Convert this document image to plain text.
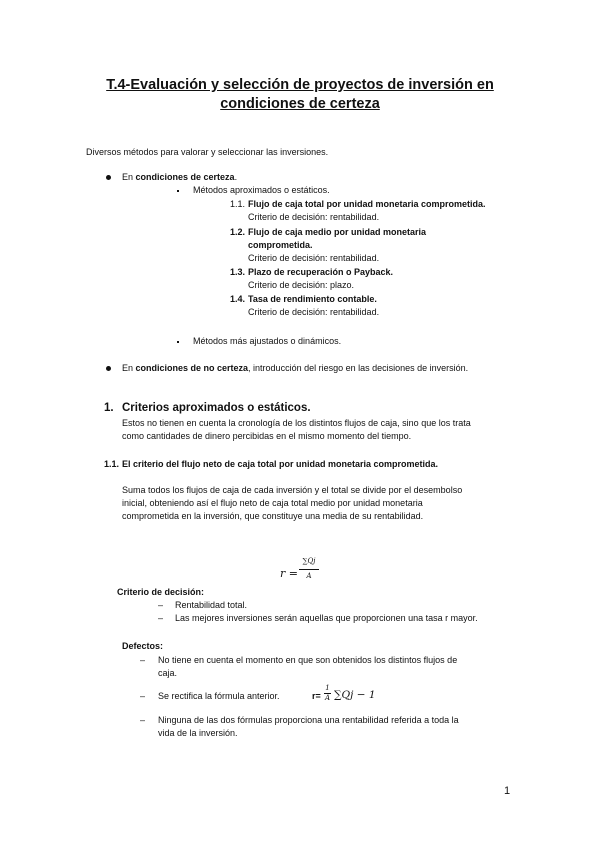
T.4-Evaluación y selección de proyectos de inversión en
condiciones de certeza
Diversos métodos para valorar y seleccionar las inversiones.
En condiciones de certeza.
Métodos aproximados o estáticos.
1.1. Flujo de caja total por unidad monetaria comprometida.
Criterio de decisión: rentabilidad.
1.2. Flujo de caja medio por unidad monetaria
comprometida.
Criterio de decisión: rentabilidad.
1.3. Plazo de recuperación o Payback.
Criterio de decisión: plazo.
1.4. Tasa de rendimiento contable.
Criterio de decisión: rentabilidad.
Métodos más ajustados o dinámicos.
En condiciones de no certeza, introducción del riesgo en las decisiones de inversión.
1. Criterios aproximados o estáticos.
Estos no tienen en cuenta la cronología de los distintos flujos de caja, sino que los trata
como cantidades de dinero percibidas en el mismo momento del tiempo.
1.1. El criterio del flujo neto de caja total por unidad monetaria comprometida.
Suma todos los flujos de caja de cada inversión y el total se divide por el desembolso
inicial, obteniendo así el flujo neto de caja total medio por unidad monetaria
comprometida en la inversión, que constituye una media de su rentabilidad.
r =
∑Qj
A
Criterio de decisión:
– Rentabilidad total.
– Las mejores inversiones serán aquellas que proporcionen una tasa r mayor.
Defectos:
– No tiene en cuenta el momento en que son obtenidos los distintos flujos de
caja.
– Se rectifica la fórmula anterior.	r=
1
A ∑Qj − 1
– Ninguna de las dos fórmulas proporciona una rentabilidad referida a toda la
vida de la inversión.
1
